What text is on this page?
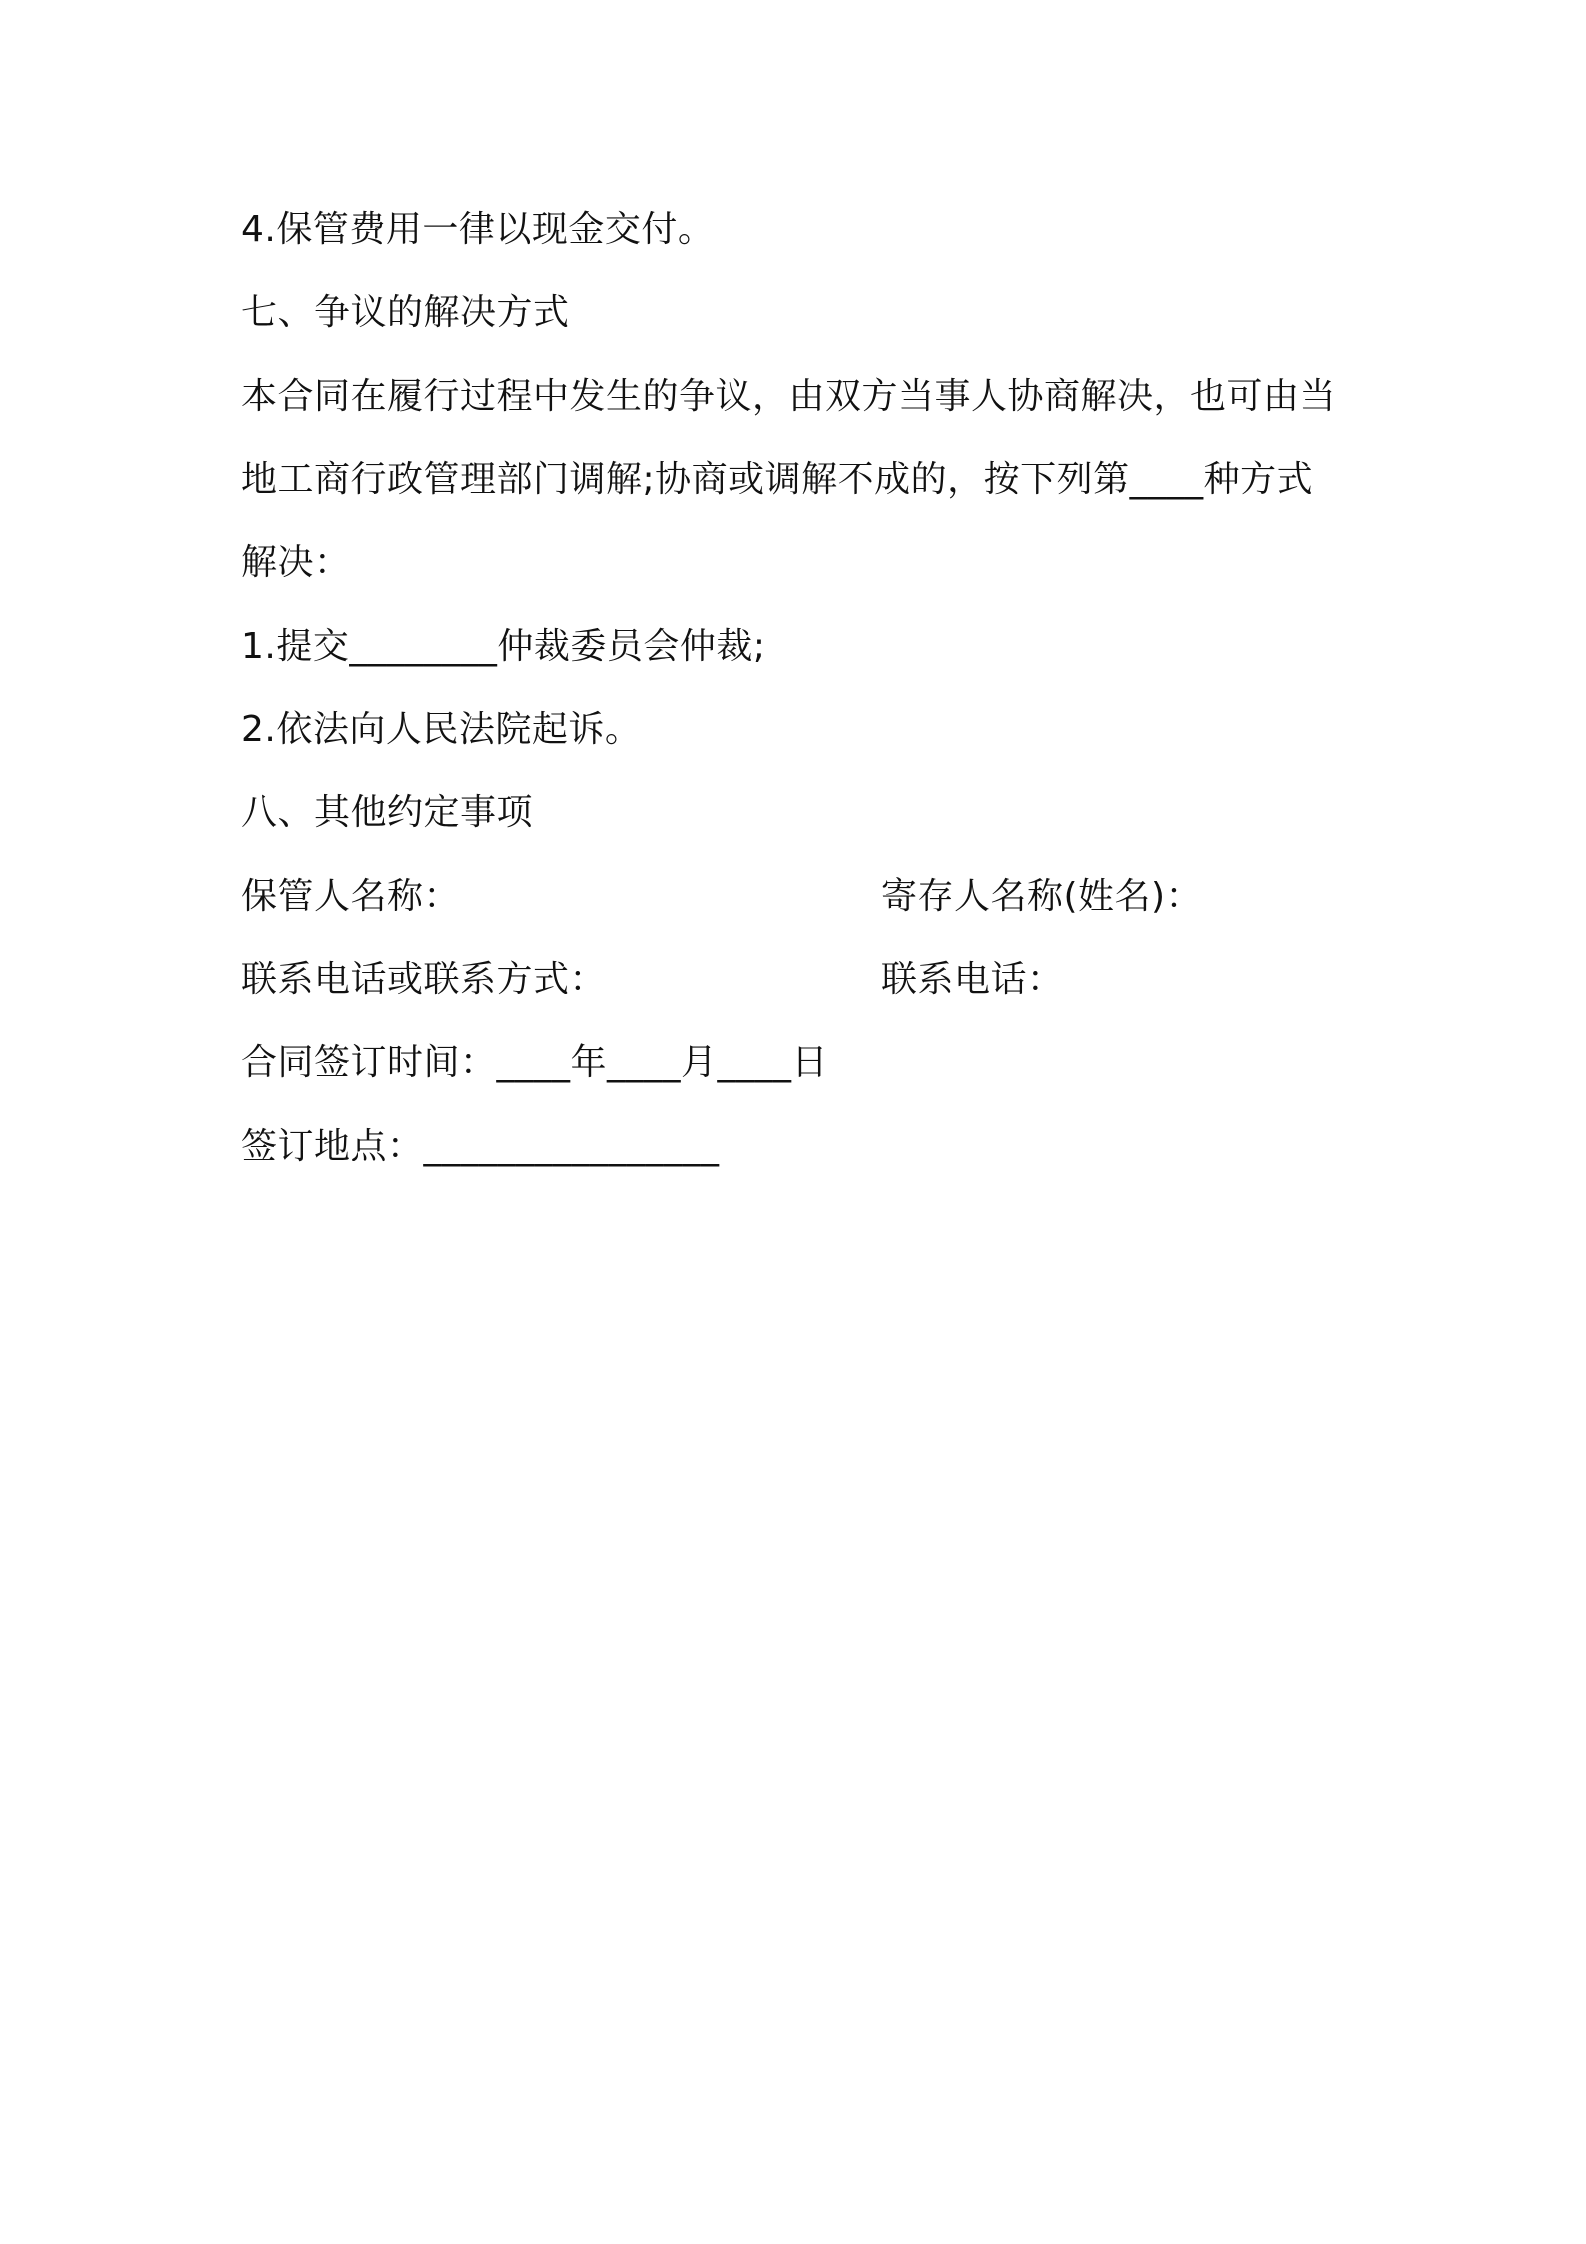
4.保管费用一律以现金交付。
七、争议的解决方式
本合同在履行过程中发生的争议，由双方当事人协商解决，也可由当
地工商行政管理部门调解;协商或调解不成的，按下列第____种方式
解决：
1.提交________仲裁委员会仲裁;
2.依法向人民法院起诉。
八、其他约定事项
保管人名称：	寄存人名称(姓名)：
联系电话或联系方式：	联系电话：
合同签订时间：____年____月____日
签订地点：________________
